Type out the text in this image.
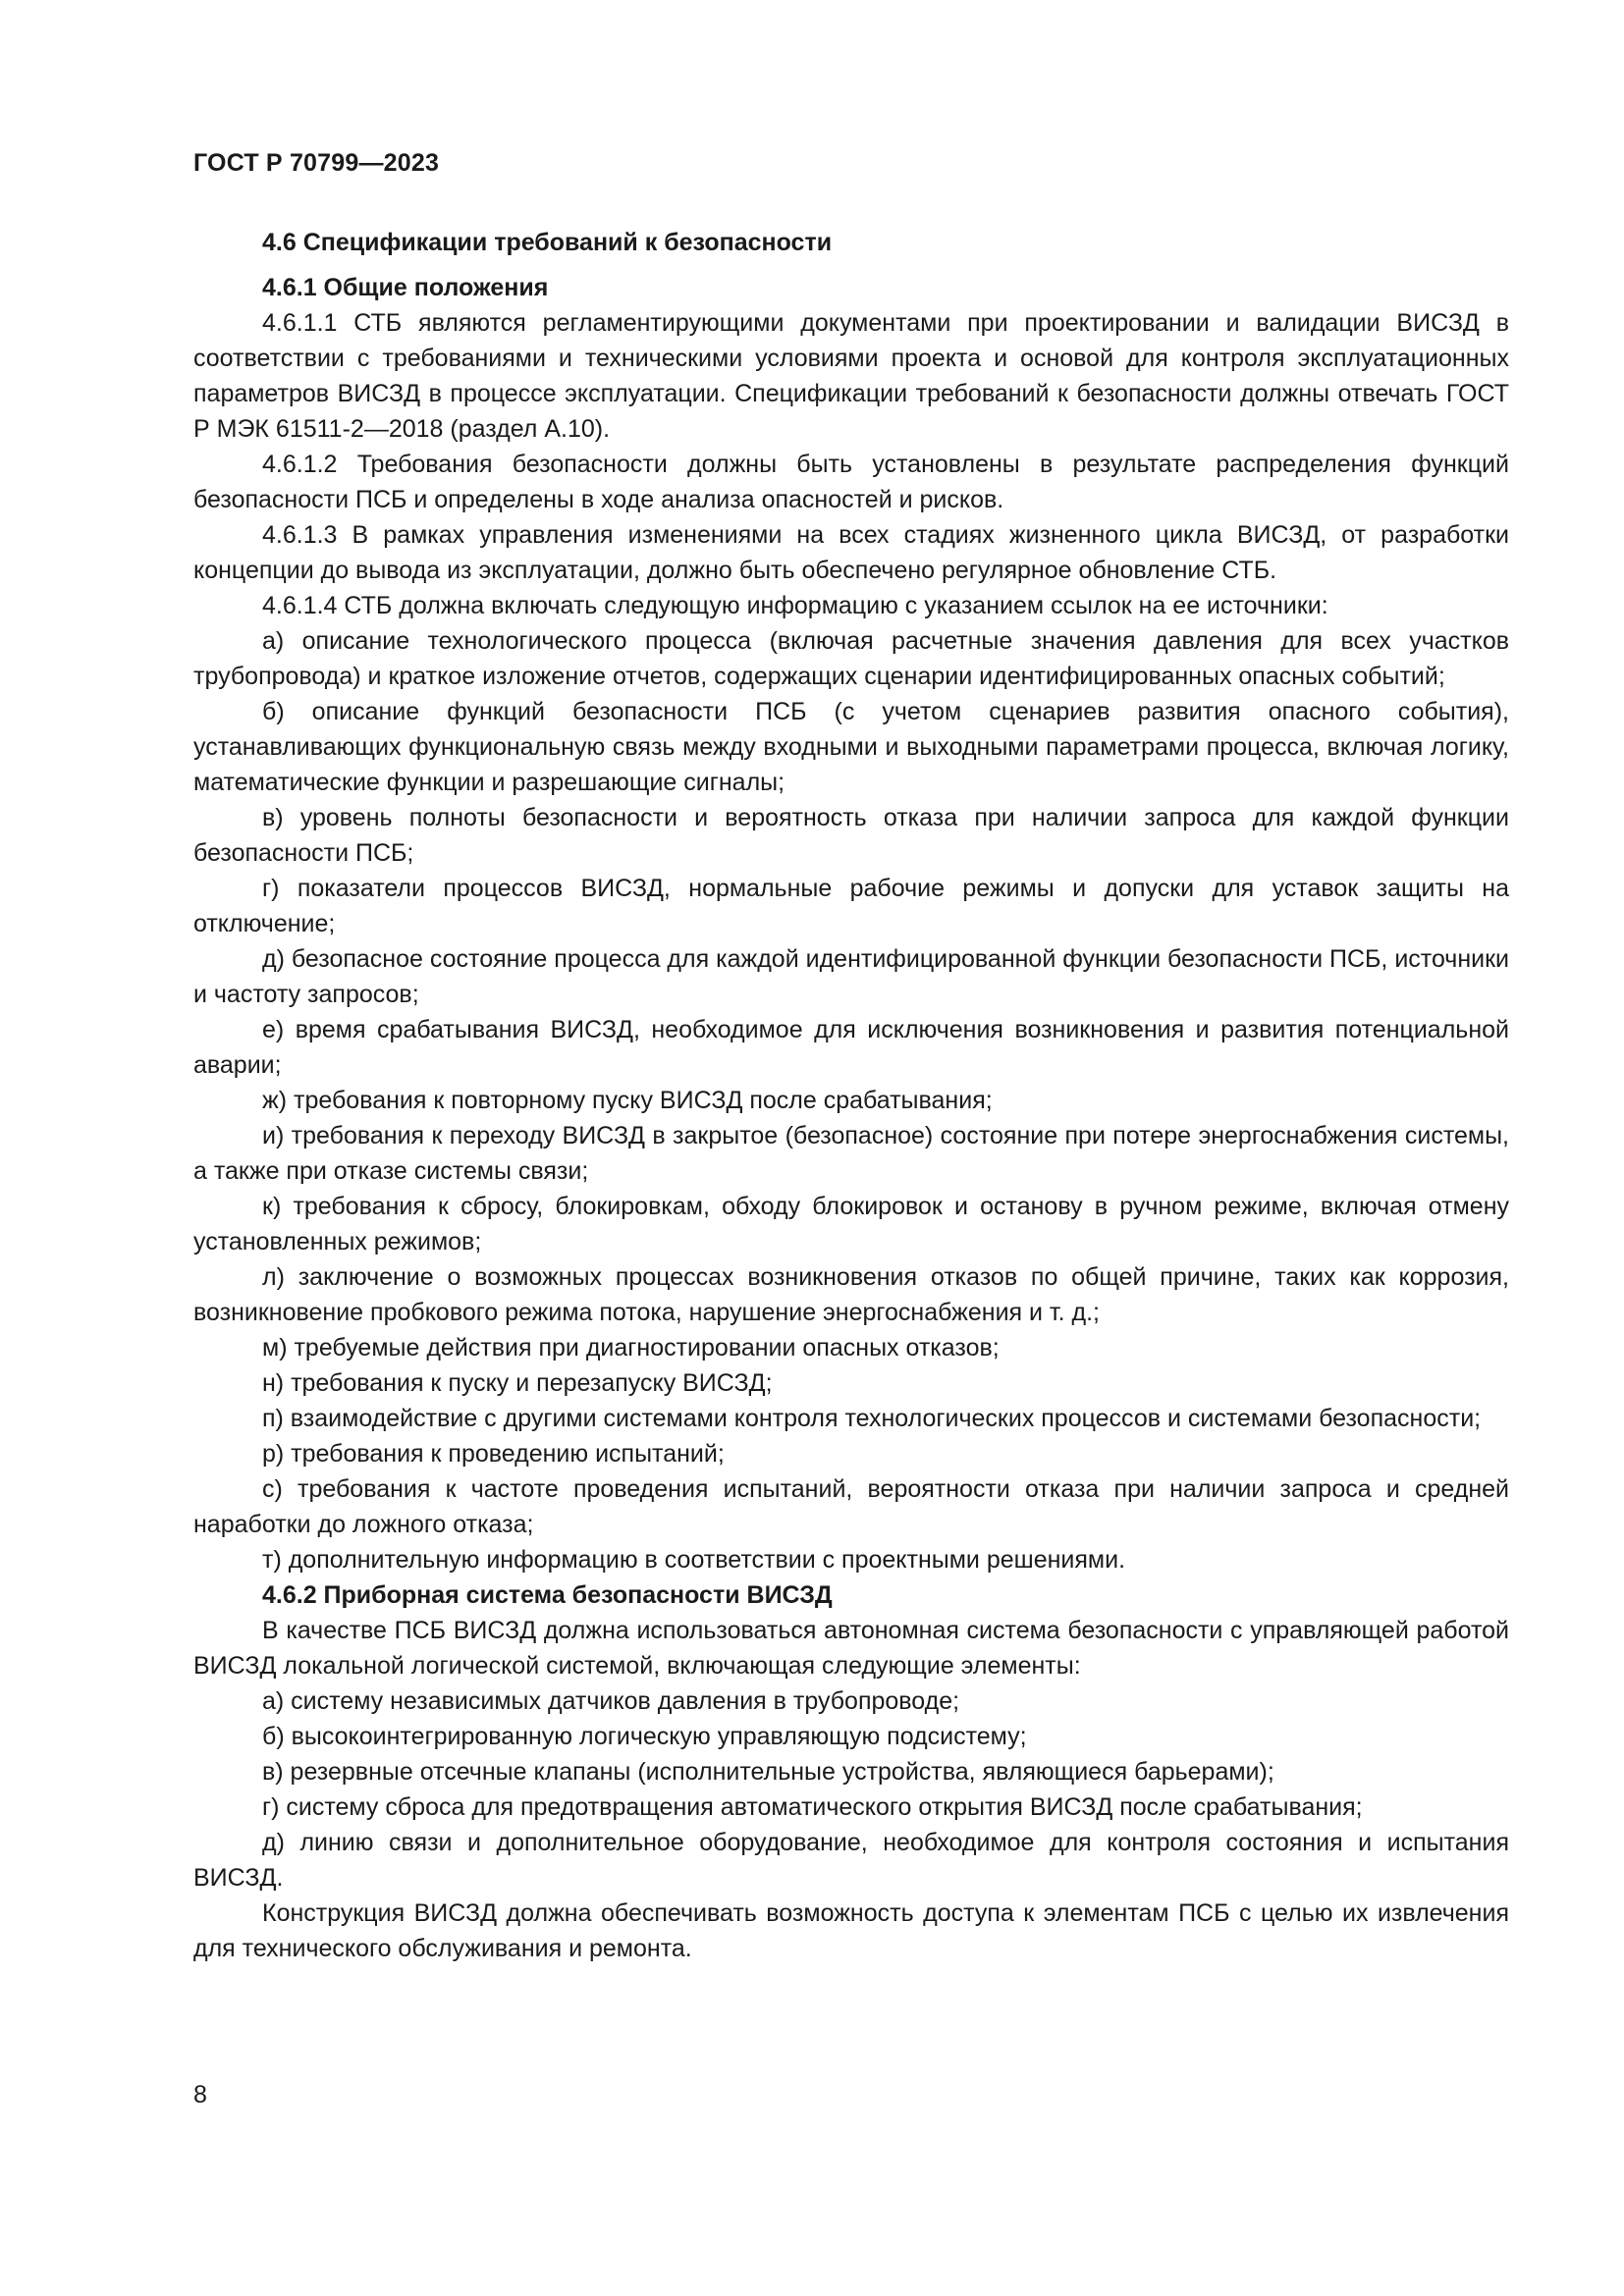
ГОСТ Р 70799—2023

4.6 Спецификации требований к безопасности

4.6.1 Общие положения

4.6.1.1 СТБ являются регламентирующими документами при проектировании и валидации ВИСЗД в соответствии с требованиями и техническими условиями проекта и основой для контроля эксплуатационных параметров ВИСЗД в процессе эксплуатации. Спецификации требований к безопасности должны отвечать ГОСТ Р МЭК 61511-2—2018 (раздел А.10).

4.6.1.2 Требования безопасности должны быть установлены в результате распределения функций безопасности ПСБ и определены в ходе анализа опасностей и рисков.

4.6.1.3 В рамках управления изменениями на всех стадиях жизненного цикла ВИСЗД, от разработки концепции до вывода из эксплуатации, должно быть обеспечено регулярное обновление СТБ.

4.6.1.4 СТБ должна включать следующую информацию с указанием ссылок на ее источники:

а) описание технологического процесса (включая расчетные значения давления для всех участков трубопровода) и краткое изложение отчетов, содержащих сценарии идентифицированных опасных событий;

б) описание функций безопасности ПСБ (с учетом сценариев развития опасного события), устанавливающих функциональную связь между входными и выходными параметрами процесса, включая логику, математические функции и разрешающие сигналы;

в) уровень полноты безопасности и вероятность отказа при наличии запроса для каждой функции безопасности ПСБ;

г) показатели процессов ВИСЗД, нормальные рабочие режимы и допуски для уставок защиты на отключение;

д) безопасное состояние процесса для каждой идентифицированной функции безопасности ПСБ, источники и частоту запросов;

е) время срабатывания ВИСЗД, необходимое для исключения возникновения и развития потенциальной аварии;

ж) требования к повторному пуску ВИСЗД после срабатывания;

и) требования к переходу ВИСЗД в закрытое (безопасное) состояние при потере энергоснабжения системы, а также при отказе системы связи;

к) требования к сбросу, блокировкам, обходу блокировок и останову в ручном режиме, включая отмену установленных режимов;

л) заключение о возможных процессах возникновения отказов по общей причине, таких как коррозия, возникновение пробкового режима потока, нарушение энергоснабжения и т. д.;

м) требуемые действия при диагностировании опасных отказов;

н) требования к пуску и перезапуску ВИСЗД;

п) взаимодействие с другими системами контроля технологических процессов и системами безопасности;

р) требования к проведению испытаний;

с) требования к частоте проведения испытаний, вероятности отказа при наличии запроса и средней наработки до ложного отказа;

т) дополнительную информацию в соответствии с проектными решениями.

4.6.2 Приборная система безопасности ВИСЗД

В качестве ПСБ ВИСЗД должна использоваться автономная система безопасности с управляющей работой ВИСЗД локальной логической системой, включающая следующие элементы:

а) систему независимых датчиков давления в трубопроводе;

б) высокоинтегрированную логическую управляющую подсистему;

в) резервные отсечные клапаны (исполнительные устройства, являющиеся барьерами);

г) систему сброса для предотвращения автоматического открытия ВИСЗД после срабатывания;

д) линию связи и дополнительное оборудование, необходимое для контроля состояния и испытания ВИСЗД.

Конструкция ВИСЗД должна обеспечивать возможность доступа к элементам ПСБ с целью их извлечения для технического обслуживания и ремонта.

8
